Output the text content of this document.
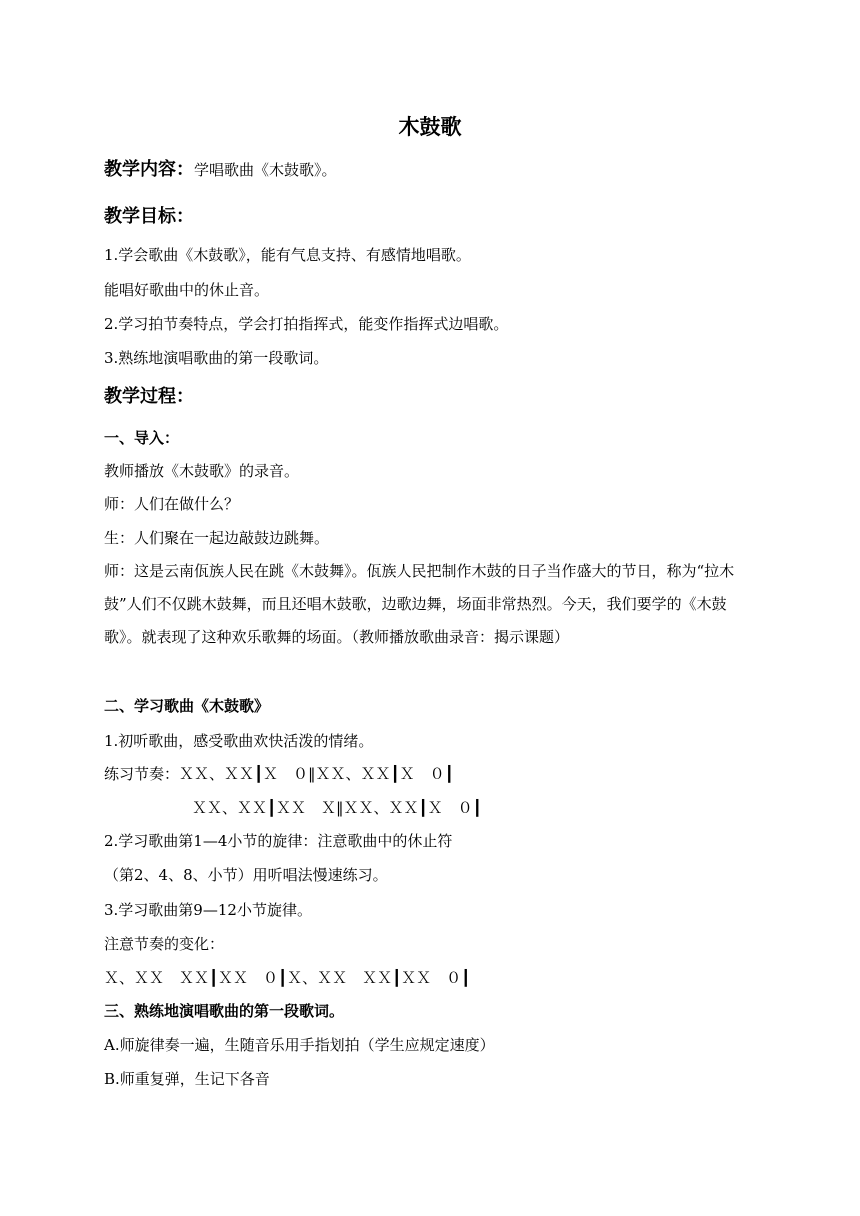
木鼓歌
教学内容：学唱歌曲《木鼓歌》。
教学目标：
1.学会歌曲《木鼓歌》，能有气息支持、有感情地唱歌。
能唱好歌曲中的休止音。
2.学习拍节奏特点，学会打拍指挥式，能变作指挥式边唱歌。
3.熟练地演唱歌曲的第一段歌词。
教学过程：
一、导入：
教师播放《木鼓歌》的录音。
师：人们在做什么？
生：人们聚在一起边敲鼓边跳舞。
师：这是云南佤族人民在跳《木鼓舞》。佤族人民把制作木鼓的日子当作盛大的节日，称为“拉木鼓”人们不仅跳木鼓舞，而且还唱木鼓歌，边歌边舞，场面非常热烈。今天，我们要学的《木鼓歌》。就表现了这种欢乐歌舞的场面。（教师播放歌曲录音：揭示课题）
二、学习歌曲《木鼓歌》
1.初听歌曲，感受歌曲欢快活泼的情绪。
练习节奏：ＸＸ、ＸＸ┃Ｘ　０‖ＸＸ、ＸＸ┃Ｘ　０┃
ＸＸ、ＸＸ┃ＸＸ　Ｘ‖ＸＸ、ＸＸ┃Ｘ　０┃
2.学习歌曲第1—4小节的旋律：注意歌曲中的休止符
（第2、4、8、小节）用听唱法慢速练习。
3.学习歌曲第9—12小节旋律。
注意节奏的变化：
Ｘ、ＸＸ　ＸＸ┃ＸＸ　０┃Ｘ、ＸＸ　ＸＸ┃ＸＸ　０┃
三、熟练地演唱歌曲的第一段歌词。
A.师旋律奏一遍，生随音乐用手指划拍（学生应规定速度）
B.师重复弹，生记下各音
